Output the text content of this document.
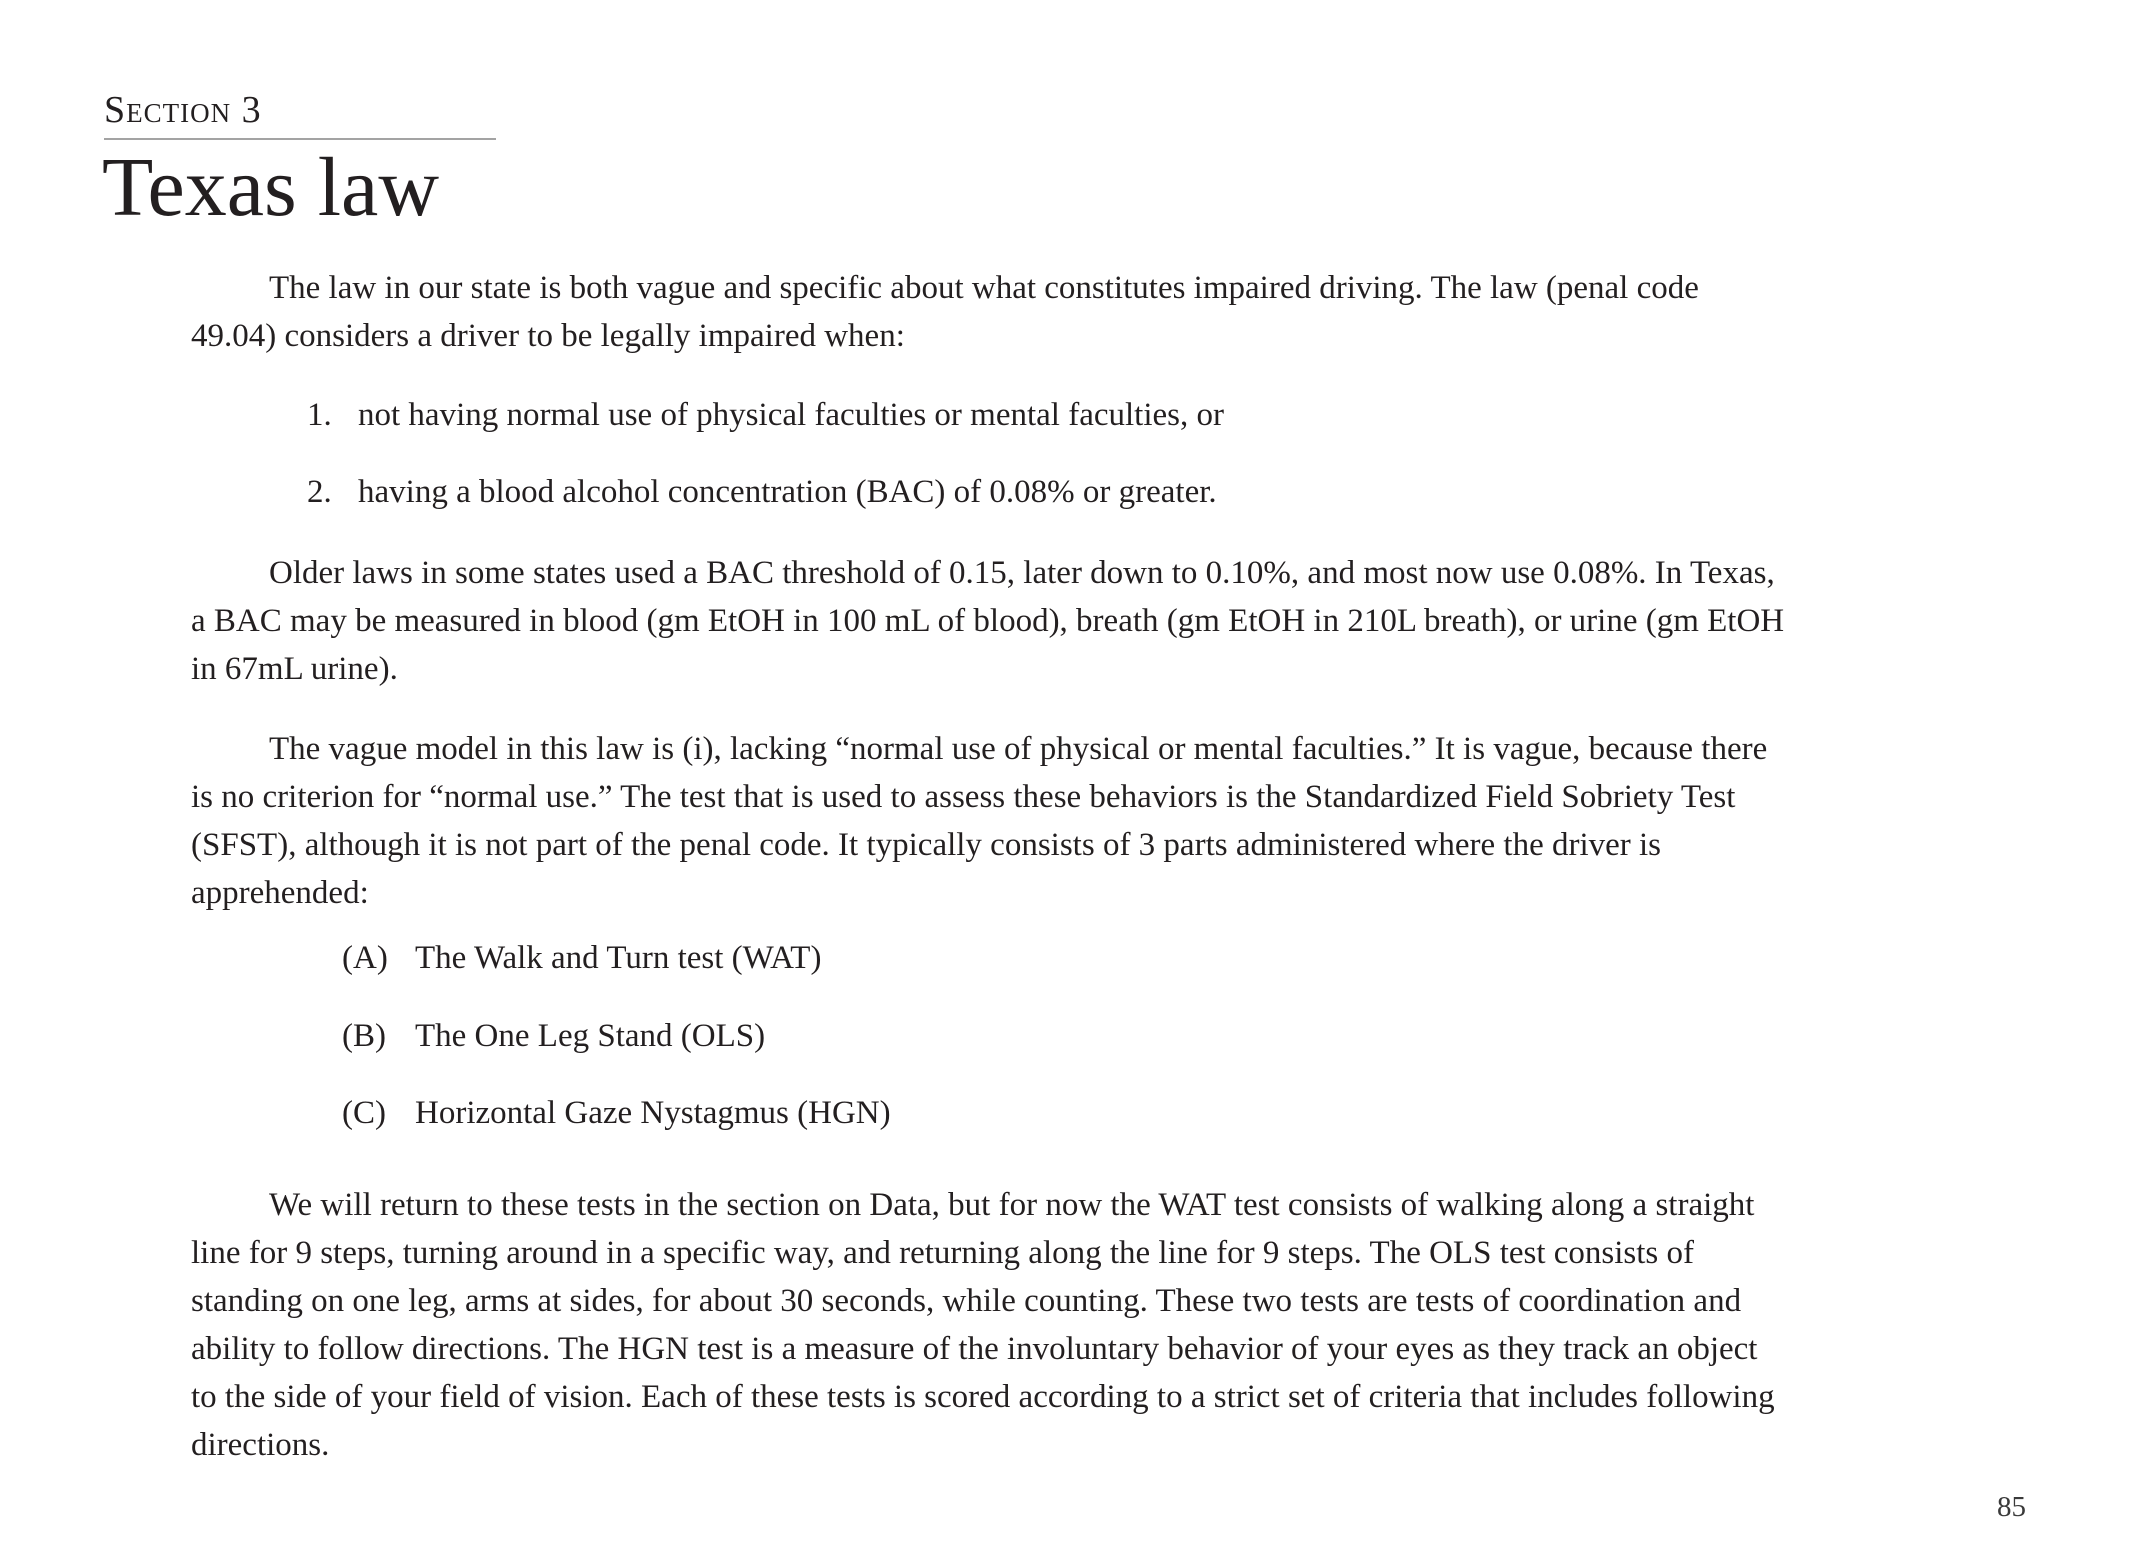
Section 3
Texas law
The law in our state is both vague and specific about what constitutes impaired driving. The law (penal code
49.04) considers a driver to be legally impaired when:
1. not having normal use of physical faculties or mental faculties, or
2. having a blood alcohol concentration (BAC) of 0.08% or greater.
Older laws in some states used a BAC threshold of 0.15, later down to 0.10%, and most now use 0.08%. In Texas,
a BAC may be measured in blood (gm EtOH in 100 mL of blood), breath (gm EtOH in 210L breath), or urine (gm EtOH
in 67mL urine).
The vague model in this law is (i), lacking “normal use of physical or mental faculties.” It is vague, because there
is no criterion for “normal use.” The test that is used to assess these behaviors is the Standardized Field Sobriety Test
(SFST), although it is not part of the penal code. It typically consists of 3 parts administered where the driver is
apprehended:
(A) The Walk and Turn test (WAT)
(B) The One Leg Stand (OLS)
(C) Horizontal Gaze Nystagmus (HGN)
We will return to these tests in the section on Data, but for now the WAT test consists of walking along a straight
line for 9 steps, turning around in a specific way, and returning along the line for 9 steps. The OLS test consists of
standing on one leg, arms at sides, for about 30 seconds, while counting. These two tests are tests of coordination and
ability to follow directions. The HGN test is a measure of the involuntary behavior of your eyes as they track an object
to the side of your field of vision. Each of these tests is scored according to a strict set of criteria that includes following
directions.
85
